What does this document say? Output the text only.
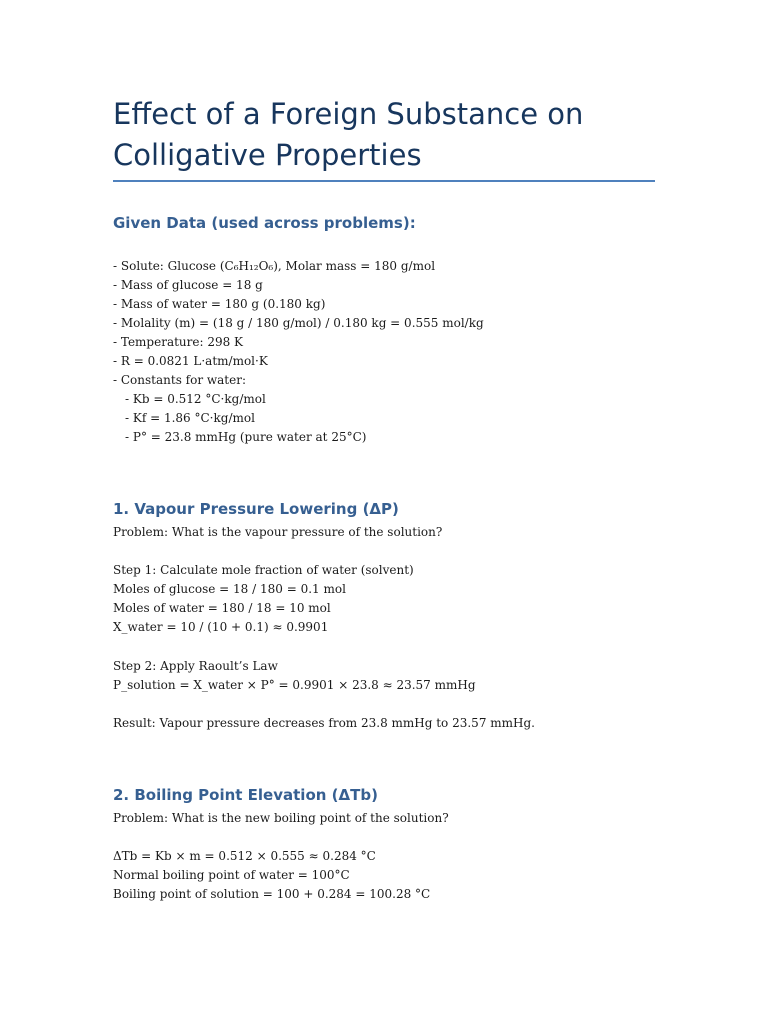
Effect of a Foreign Substance on Colligative Properties
Given Data (used across problems):
- Solute: Glucose (C₆H₁₂O₆), Molar mass = 180 g/mol
- Mass of glucose = 18 g
- Mass of water = 180 g (0.180 kg)
- Molality (m) = (18 g / 180 g/mol) / 0.180 kg = 0.555 mol/kg
- Temperature: 298 K
- R = 0.0821 L·atm/mol·K
- Constants for water:
- Kb = 0.512 °C·kg/mol
- Kf = 1.86 °C·kg/mol
- P° = 23.8 mmHg (pure water at 25°C)
1. Vapour Pressure Lowering (ΔP)
Problem: What is the vapour pressure of the solution?
Step 1: Calculate mole fraction of water (solvent)
Moles of glucose = 18 / 180 = 0.1 mol
Moles of water = 180 / 18 = 10 mol
X_water = 10 / (10 + 0.1) ≈ 0.9901
Step 2: Apply Raoult’s Law
P_solution = X_water × P° = 0.9901 × 23.8 ≈ 23.57 mmHg
Result: Vapour pressure decreases from 23.8 mmHg to 23.57 mmHg.
2. Boiling Point Elevation (ΔTb)
Problem: What is the new boiling point of the solution?
ΔTb = Kb × m = 0.512 × 0.555 ≈ 0.284 °C
Normal boiling point of water = 100°C
Boiling point of solution = 100 + 0.284 = 100.28 °C
